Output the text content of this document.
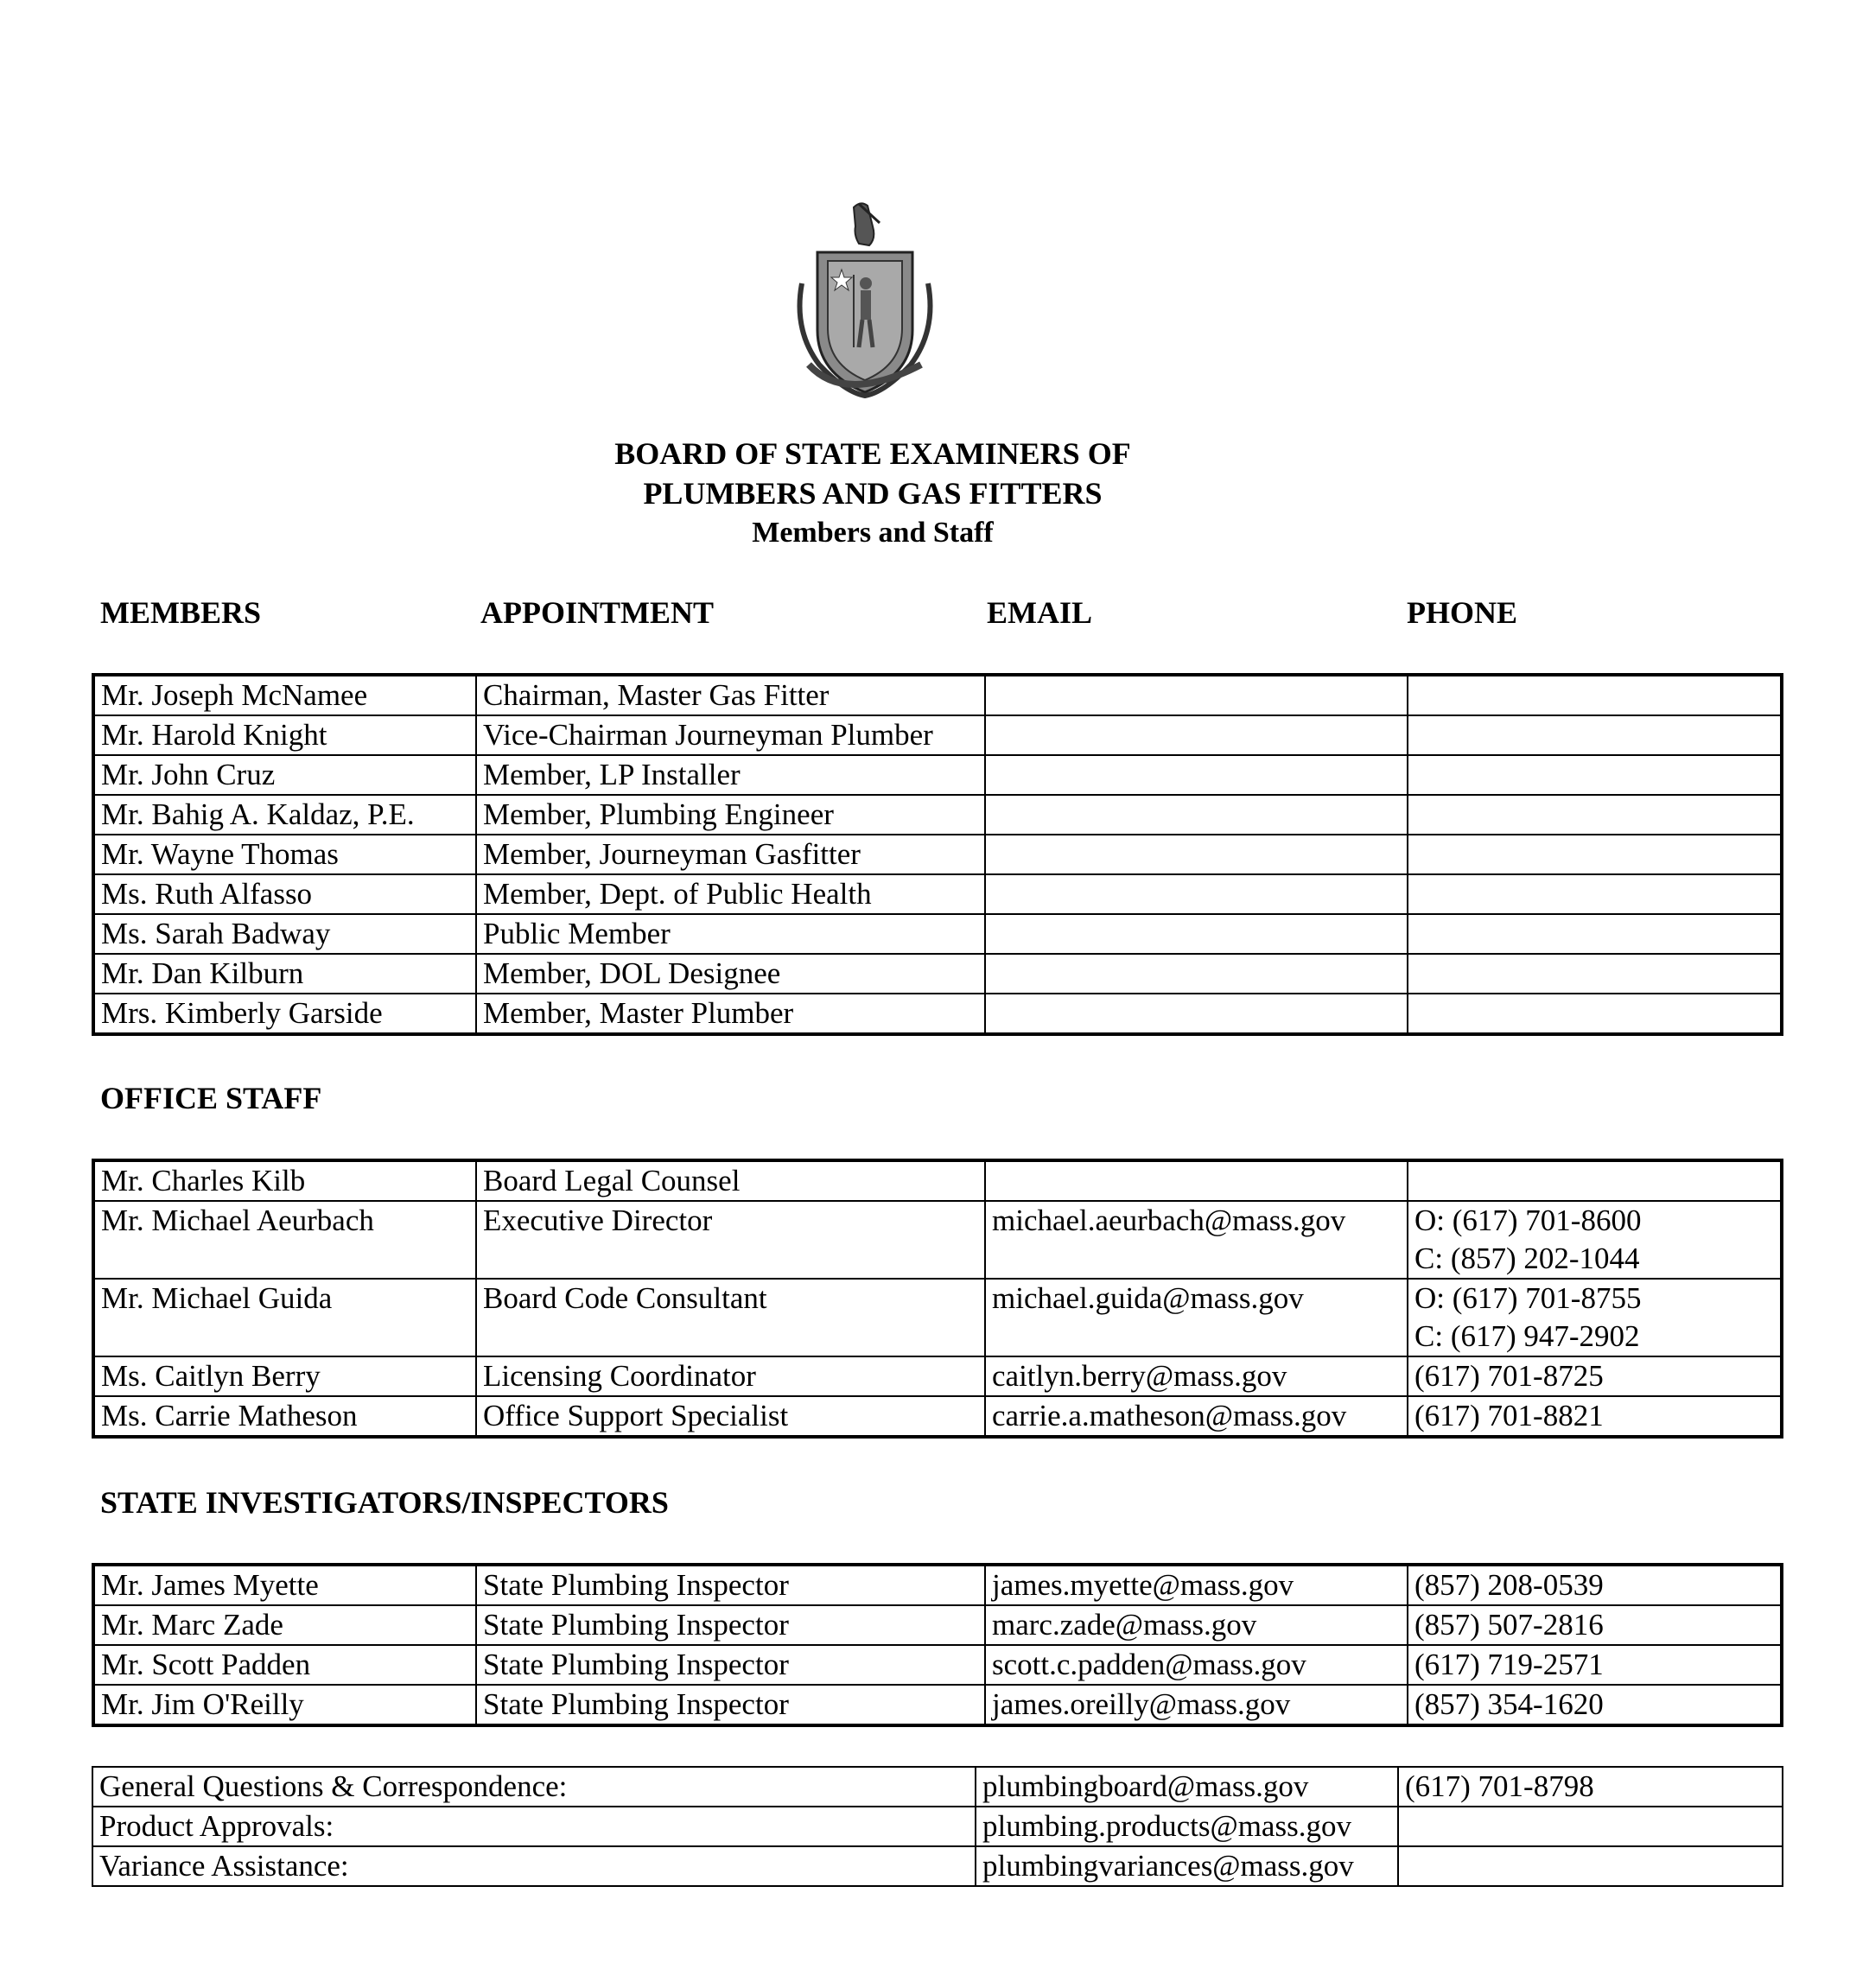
BOARD OF STATE EXAMINERS OF
PLUMBERS AND GAS FITTERS
Members and Staff
MEMBERS	APPOINTMENT	EMAIL	PHONE
Mr. Joseph McNamee	Chairman, Master Gas Fitter		
Mr. Harold Knight	Vice-Chairman Journeyman Plumber		
Mr. John Cruz	Member, LP Installer		
Mr. Bahig A. Kaldaz, P.E.	Member, Plumbing Engineer		
Mr. Wayne Thomas	Member, Journeyman Gasfitter		
Ms. Ruth Alfasso	Member, Dept. of Public Health		
Ms. Sarah Badway	Public Member		
Mr. Dan Kilburn	Member, DOL Designee		
Mrs. Kimberly Garside	Member, Master Plumber		
OFFICE STAFF
Mr. Charles Kilb	Board Legal Counsel		

Mr. Michael Aeurbach	Executive Director	michael.aeurbach@mass.gov	O: (617) 701-8600
C: (857) 202-1044

Mr. Michael Guida	Board Code Consultant	michael.guida@mass.gov	O: (617) 701-8755
C: (617) 947-2902

Ms. Caitlyn Berry	Licensing Coordinator	caitlyn.berry@mass.gov	(617) 701-8725

Ms. Carrie Matheson	Office Support Specialist	carrie.a.matheson@mass.gov	(617) 701-8821
STATE INVESTIGATORS/INSPECTORS
Mr. James Myette	State Plumbing Inspector	james.myette@mass.gov	(857) 208-0539
Mr. Marc Zade	State Plumbing Inspector	marc.zade@mass.gov	(857) 507-2816
Mr. Scott Padden	State Plumbing Inspector	scott.c.padden@mass.gov	(617) 719-2571
Mr. Jim O'Reilly	State Plumbing Inspector	james.oreilly@mass.gov	(857) 354-1620
General Questions & Correspondence:	plumbingboard@mass.gov	(617) 701-8798
Product Approvals:	plumbing.products@mass.gov	
Variance Assistance:	plumbingvariances@mass.gov	
